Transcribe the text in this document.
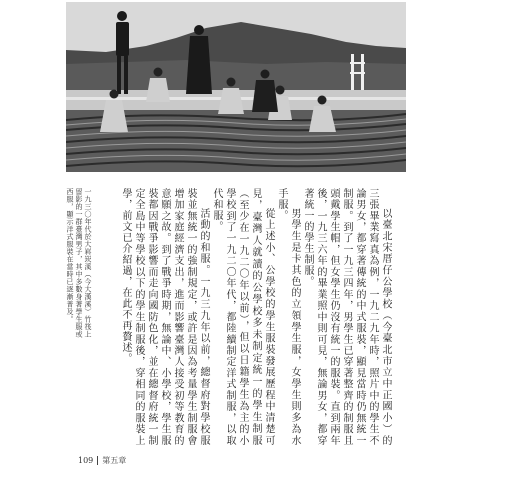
以臺北宋厝仔公學校（今臺北市立中正國小）的三張畢業寫真為例，一九二九年時，照片中的學生不論男女，都穿著傳統的中式服裝，顯見當時仍無統一制服。到了一九三四年，男學生已穿著整齊的制服且頭戴學生帽，但女學生仍沒有統一的服裝。直到兩年後，一九三六年的畢業照中則可見，無論男女，都穿著統一的學生制服。

男學生是卡其色的立領學生服，女學生則多為水手服。

從上述小、公學校的學生服裝發展歷程中清楚可見，臺灣人就讀的公學校多未制定統一的學生制服（至少在一九二〇年以前），但以日籍學生為主的小學校到了一九二〇年代，都陸續制定洋式制服，以取代和服。

活動的和服。一九三九年以前，總督府對學校服裝並無統一的強制規定，或許是因為考量學生制服會增加家庭經濟支出，進而影響臺灣人接受初等教育的意願之故。到了戰爭時期，無論中、小學校，學生服裝都因戰爭影響而走向國防色化，並在總督府統一制定全島中等學校以下的學生制服後，穿相同的服裝上學，前文已介紹過，在此不再贅述。

一九三〇年代於大嵙崁溪（今大漢溪）竹筏上留影的一群臺灣男子，其中多數身著學生服或西服，顯示洋式服裝在當時已逐漸普及。
109 第五章
